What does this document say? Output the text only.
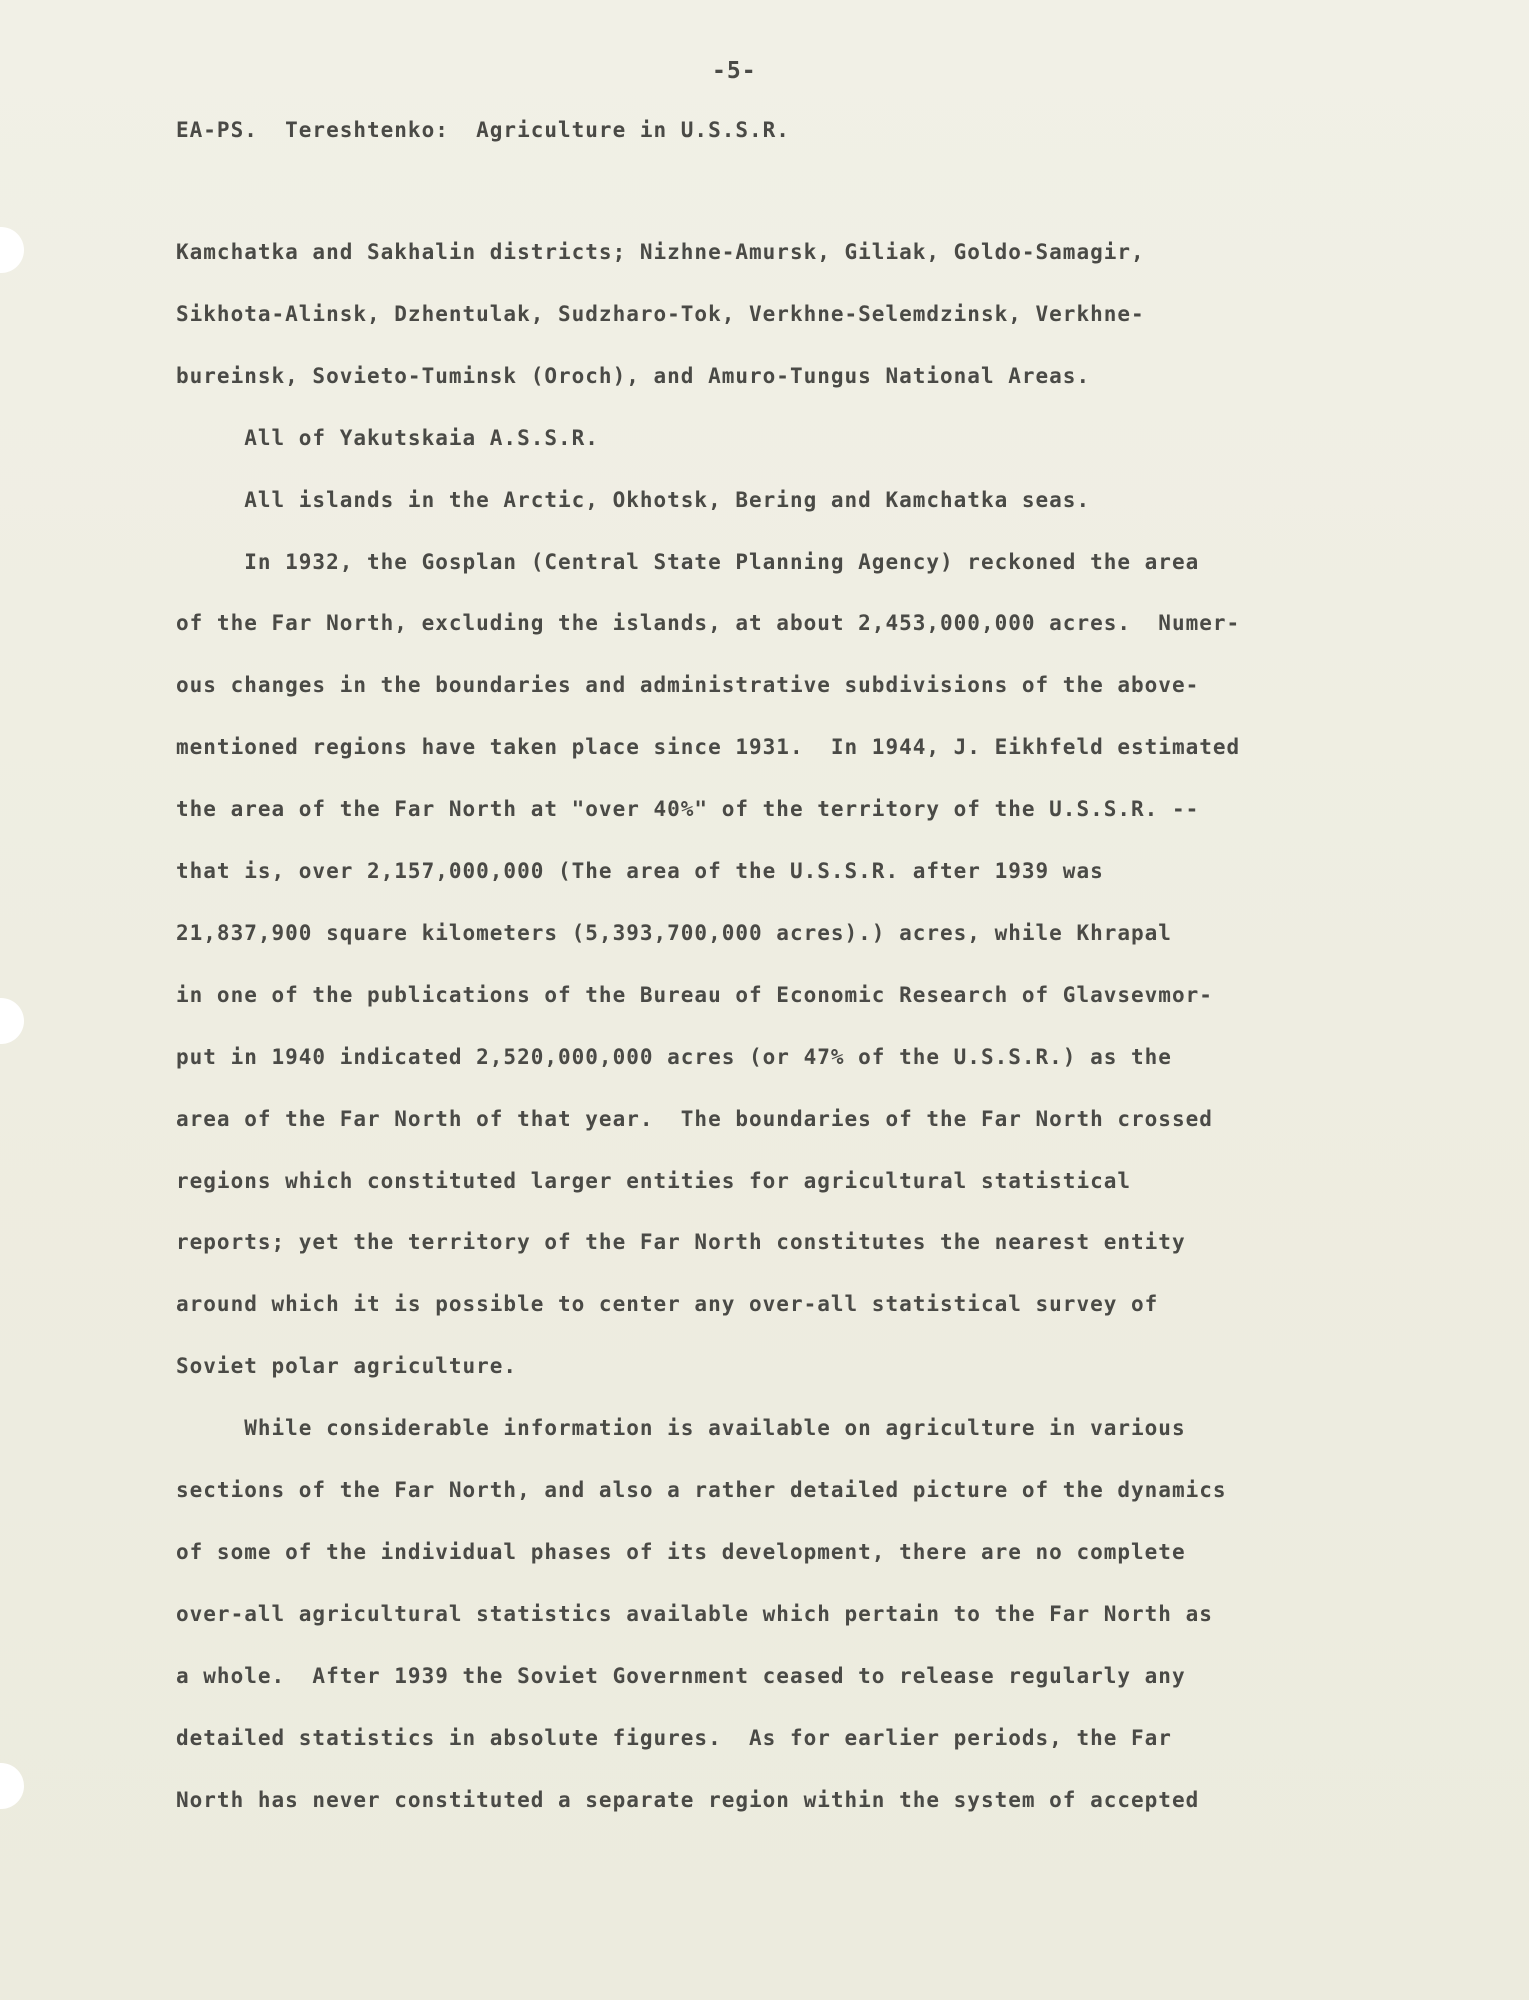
-5-

EA-PS.  Tereshtenko:  Agriculture in U.S.S.R.

Kamchatka and Sakhalin districts; Nizhne-Amursk, Giliak, Goldo-Samagir,

Sikhota-Alinsk, Dzhentulak, Sudzharo-Tok, Verkhne-Selemdzinsk, Verkhne-

bureinsk, Sovieto-Tuminsk (Oroch), and Amuro-Tungus National Areas.

All of Yakutskaia A.S.S.R.

All islands in the Arctic, Okhotsk, Bering and Kamchatka seas.

In 1932, the Gosplan (Central State Planning Agency) reckoned the area

of the Far North, excluding the islands, at about 2,453,000,000 acres.  Numer-

ous changes in the boundaries and administrative subdivisions of the above-

mentioned regions have taken place since 1931.  In 1944, J. Eikhfeld estimated

the area of the Far North at "over 40%" of the territory of the U.S.S.R. --

that is, over 2,157,000,000 (The area of the U.S.S.R. after 1939 was

21,837,900 square kilometers (5,393,700,000 acres).) acres, while Khrapal

in one of the publications of the Bureau of Economic Research of Glavsevmor-

put in 1940 indicated 2,520,000,000 acres (or 47% of the U.S.S.R.) as the

area of the Far North of that year.  The boundaries of the Far North crossed

regions which constituted larger entities for agricultural statistical

reports; yet the territory of the Far North constitutes the nearest entity

around which it is possible to center any over-all statistical survey of

Soviet polar agriculture.

While considerable information is available on agriculture in various

sections of the Far North, and also a rather detailed picture of the dynamics

of some of the individual phases of its development, there are no complete

over-all agricultural statistics available which pertain to the Far North as

a whole.  After 1939 the Soviet Government ceased to release regularly any

detailed statistics in absolute figures.  As for earlier periods, the Far

North has never constituted a separate region within the system of accepted
